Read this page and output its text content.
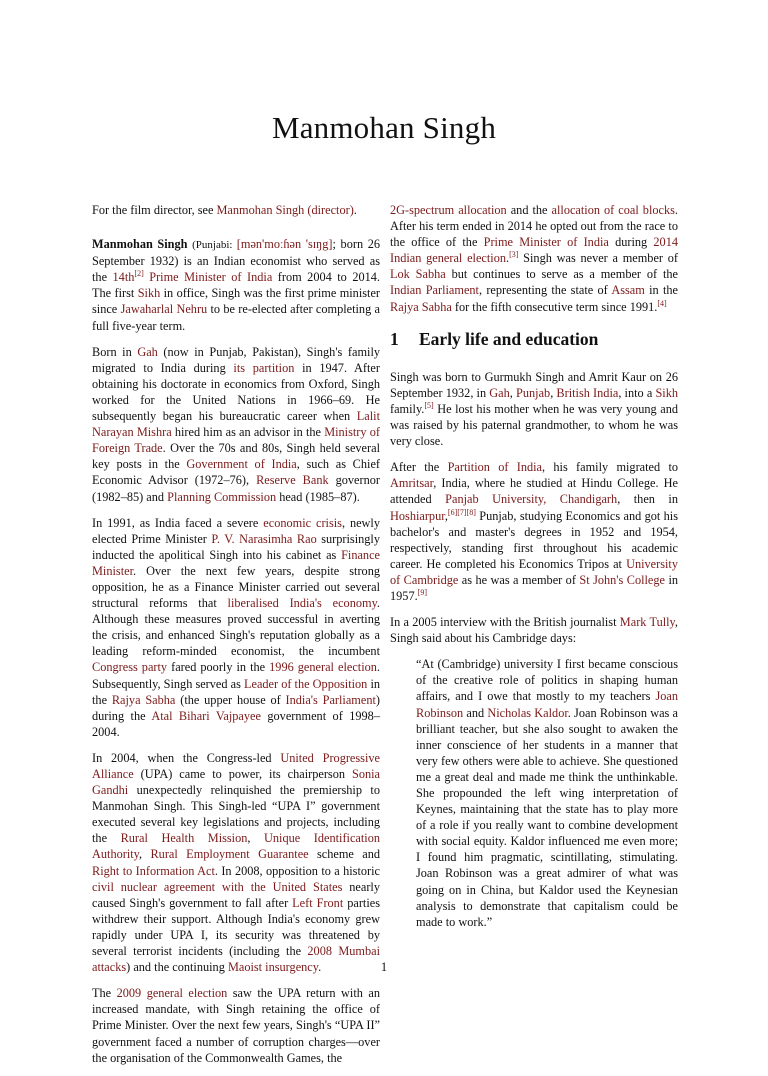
Manmohan Singh

For the film director, see Manmohan Singh (director).

Manmohan Singh (Punjabi: [mən'moːɦən 'sɪŋg]; born 26 September 1932) is an Indian economist who served as the 14th[2] Prime Minister of India from 2004 to 2014. The first Sikh in office, Singh was the first prime minister since Jawaharlal Nehru to be re-elected after completing a full five-year term.

Born in Gah (now in Punjab, Pakistan), Singh's family migrated to India during its partition in 1947. After obtaining his doctorate in economics from Oxford, Singh worked for the United Nations in 1966–69. He subsequently began his bureaucratic career when Lalit Narayan Mishra hired him as an advisor in the Ministry of Foreign Trade. Over the 70s and 80s, Singh held several key posts in the Government of India, such as Chief Economic Advisor (1972–76), Reserve Bank governor (1982–85) and Planning Commission head (1985–87).

In 1991, as India faced a severe economic crisis, newly elected Prime Minister P. V. Narasimha Rao surprisingly inducted the apolitical Singh into his cabinet as Finance Minister. Over the next few years, despite strong opposition, he as a Finance Minister carried out several structural reforms that liberalised India's economy. Although these measures proved successful in averting the crisis, and enhanced Singh's reputation globally as a leading reform-minded economist, the incumbent Congress party fared poorly in the 1996 general election. Subsequently, Singh served as Leader of the Opposition in the Rajya Sabha (the upper house of India's Parliament) during the Atal Bihari Vajpayee government of 1998–2004.

In 2004, when the Congress-led United Progressive Alliance (UPA) came to power, its chairperson Sonia Gandhi unexpectedly relinquished the premiership to Manmohan Singh. This Singh-led “UPA I” government executed several key legislations and projects, including the Rural Health Mission, Unique Identification Authority, Rural Employment Guarantee scheme and Right to Information Act. In 2008, opposition to a historic civil nuclear agreement with the United States nearly caused Singh's government to fall after Left Front parties withdrew their support. Although India's economy grew rapidly under UPA I, its security was threatened by several terrorist incidents (including the 2008 Mumbai attacks) and the continuing Maoist insurgency.

The 2009 general election saw the UPA return with an increased mandate, with Singh retaining the office of Prime Minister. Over the next few years, Singh's “UPA II” government faced a number of corruption charges—over the organisation of the Commonwealth Games, the

2G-spectrum allocation and the allocation of coal blocks. After his term ended in 2014 he opted out from the race to the office of the Prime Minister of India during 2014 Indian general election.[3] Singh was never a member of Lok Sabha but continues to serve as a member of the Indian Parliament, representing the state of Assam in the Rajya Sabha for the fifth consecutive term since 1991.[4]

1 Early life and education

Singh was born to Gurmukh Singh and Amrit Kaur on 26 September 1932, in Gah, Punjab, British India, into a Sikh family.[5] He lost his mother when he was very young and was raised by his paternal grandmother, to whom he was very close.

After the Partition of India, his family migrated to Amritsar, India, where he studied at Hindu College. He attended Panjab University, Chandigarh, then in Hoshiarpur,[6][7][8] Punjab, studying Economics and got his bachelor's and master's degrees in 1952 and 1954, respectively, standing first throughout his academic career. He completed his Economics Tripos at University of Cambridge as he was a member of St John's College in 1957.[9]

In a 2005 interview with the British journalist Mark Tully, Singh said about his Cambridge days:

“At (Cambridge) university I first became conscious of the creative role of politics in shaping human affairs, and I owe that mostly to my teachers Joan Robinson and Nicholas Kaldor. Joan Robinson was a brilliant teacher, but she also sought to awaken the inner conscience of her students in a manner that very few others were able to achieve. She questioned me a great deal and made me think the unthinkable. She propounded the left wing interpretation of Keynes, maintaining that the state has to play more of a role if you really want to combine development with social equity. Kaldor influenced me even more; I found him pragmatic, scintillating, stimulating. Joan Robinson was a great admirer of what was going on in China, but Kaldor used the Keynesian analysis to demonstrate that capitalism could be made to work.”
1
